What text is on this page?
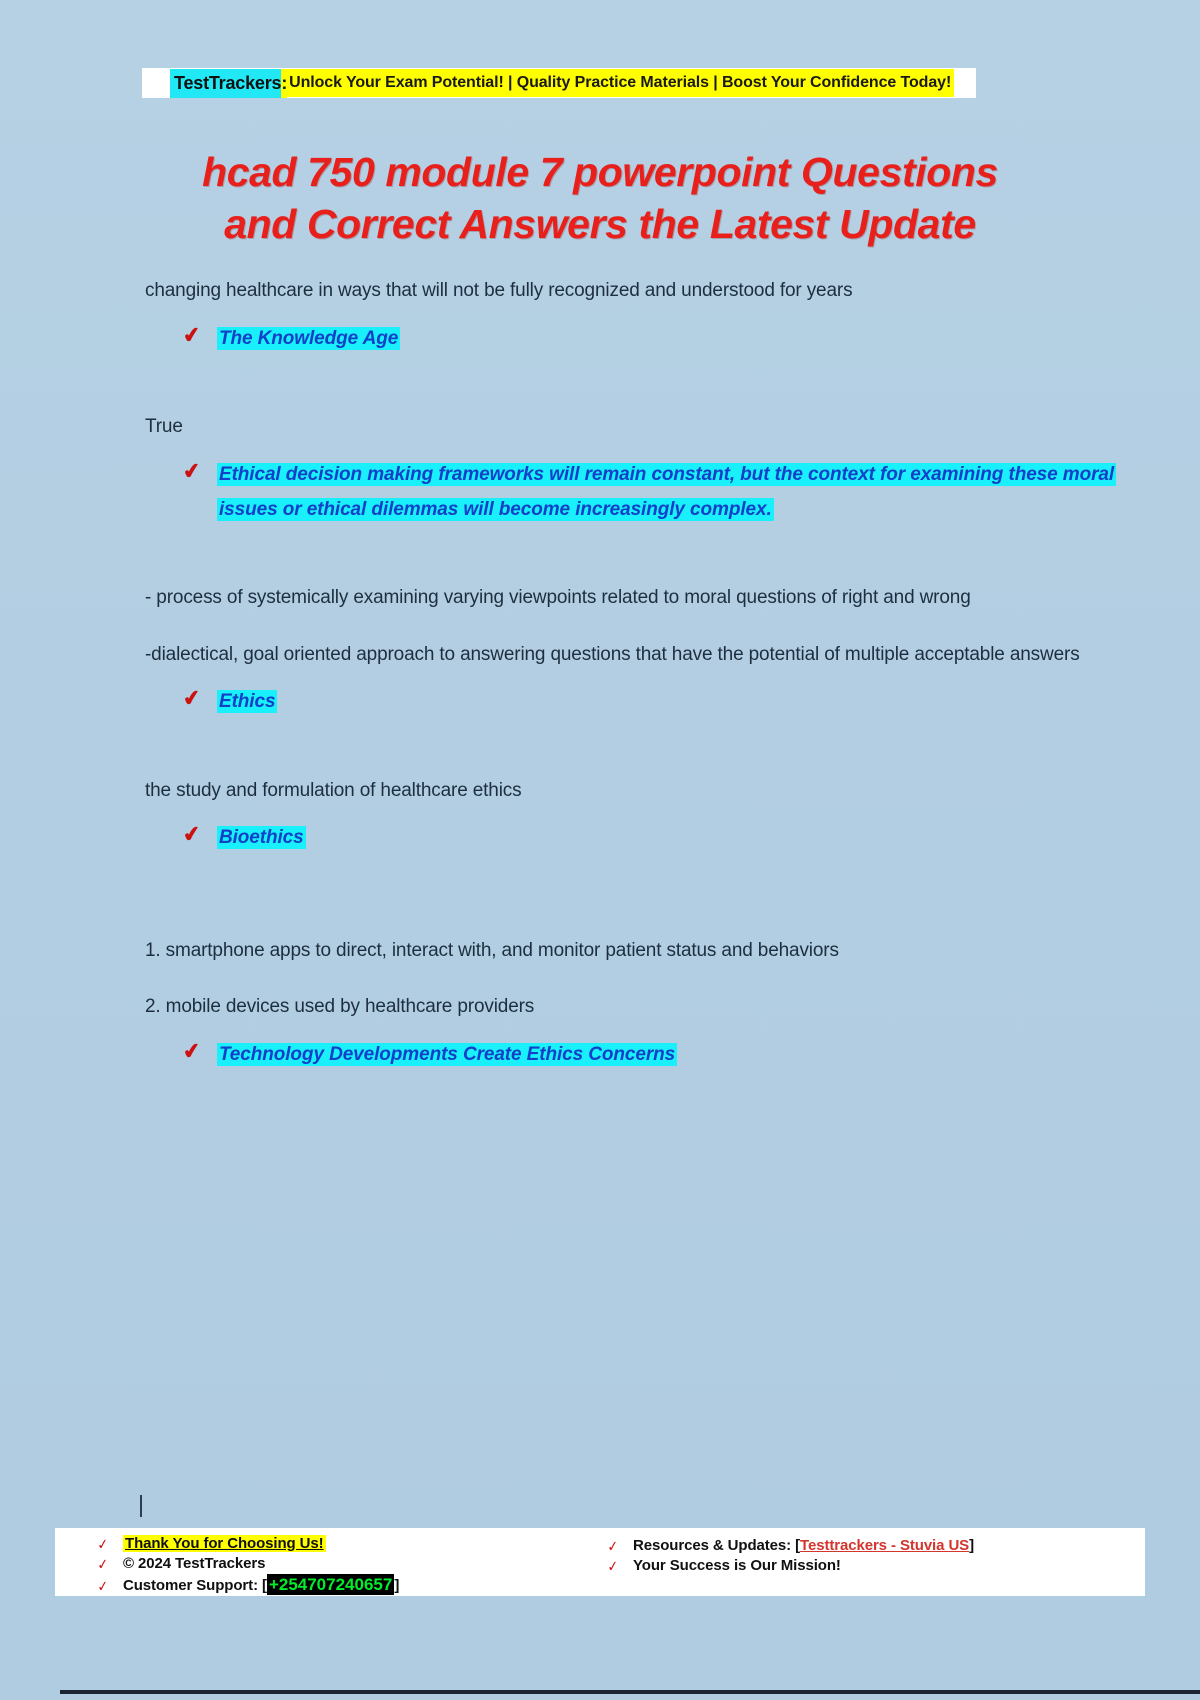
TestTrackers : Unlock Your Exam Potential! | Quality Practice Materials | Boost Your Confidence Today!
hcad 750 module 7 powerpoint Questions
and Correct Answers the Latest Update

changing healthcare in ways that will not be fully recognized and understood for years

✔ The Knowledge Age

True

✔ Ethical decision making frameworks will remain constant, but the context for examining these moral issues or ethical dilemmas will become increasingly complex.

- process of systemically examining varying viewpoints related to moral questions of right and wrong

-dialectical, goal oriented approach to answering questions that have the potential of multiple acceptable answers

✔ Ethics

the study and formulation of healthcare ethics

✔ Bioethics

1. smartphone apps to direct, interact with, and monitor patient status and behaviors

2. mobile devices used by healthcare providers

✔ Technology Developments Create Ethics Concerns
✓	Thank You for Choosing Us!
✓ © 2024 TestTrackers
✓ Customer Support: [ +254707240657 ]
✓ Resources & Updates: [Testtrackers - Stuvia US]
✓ Your Success is Our Mission!
